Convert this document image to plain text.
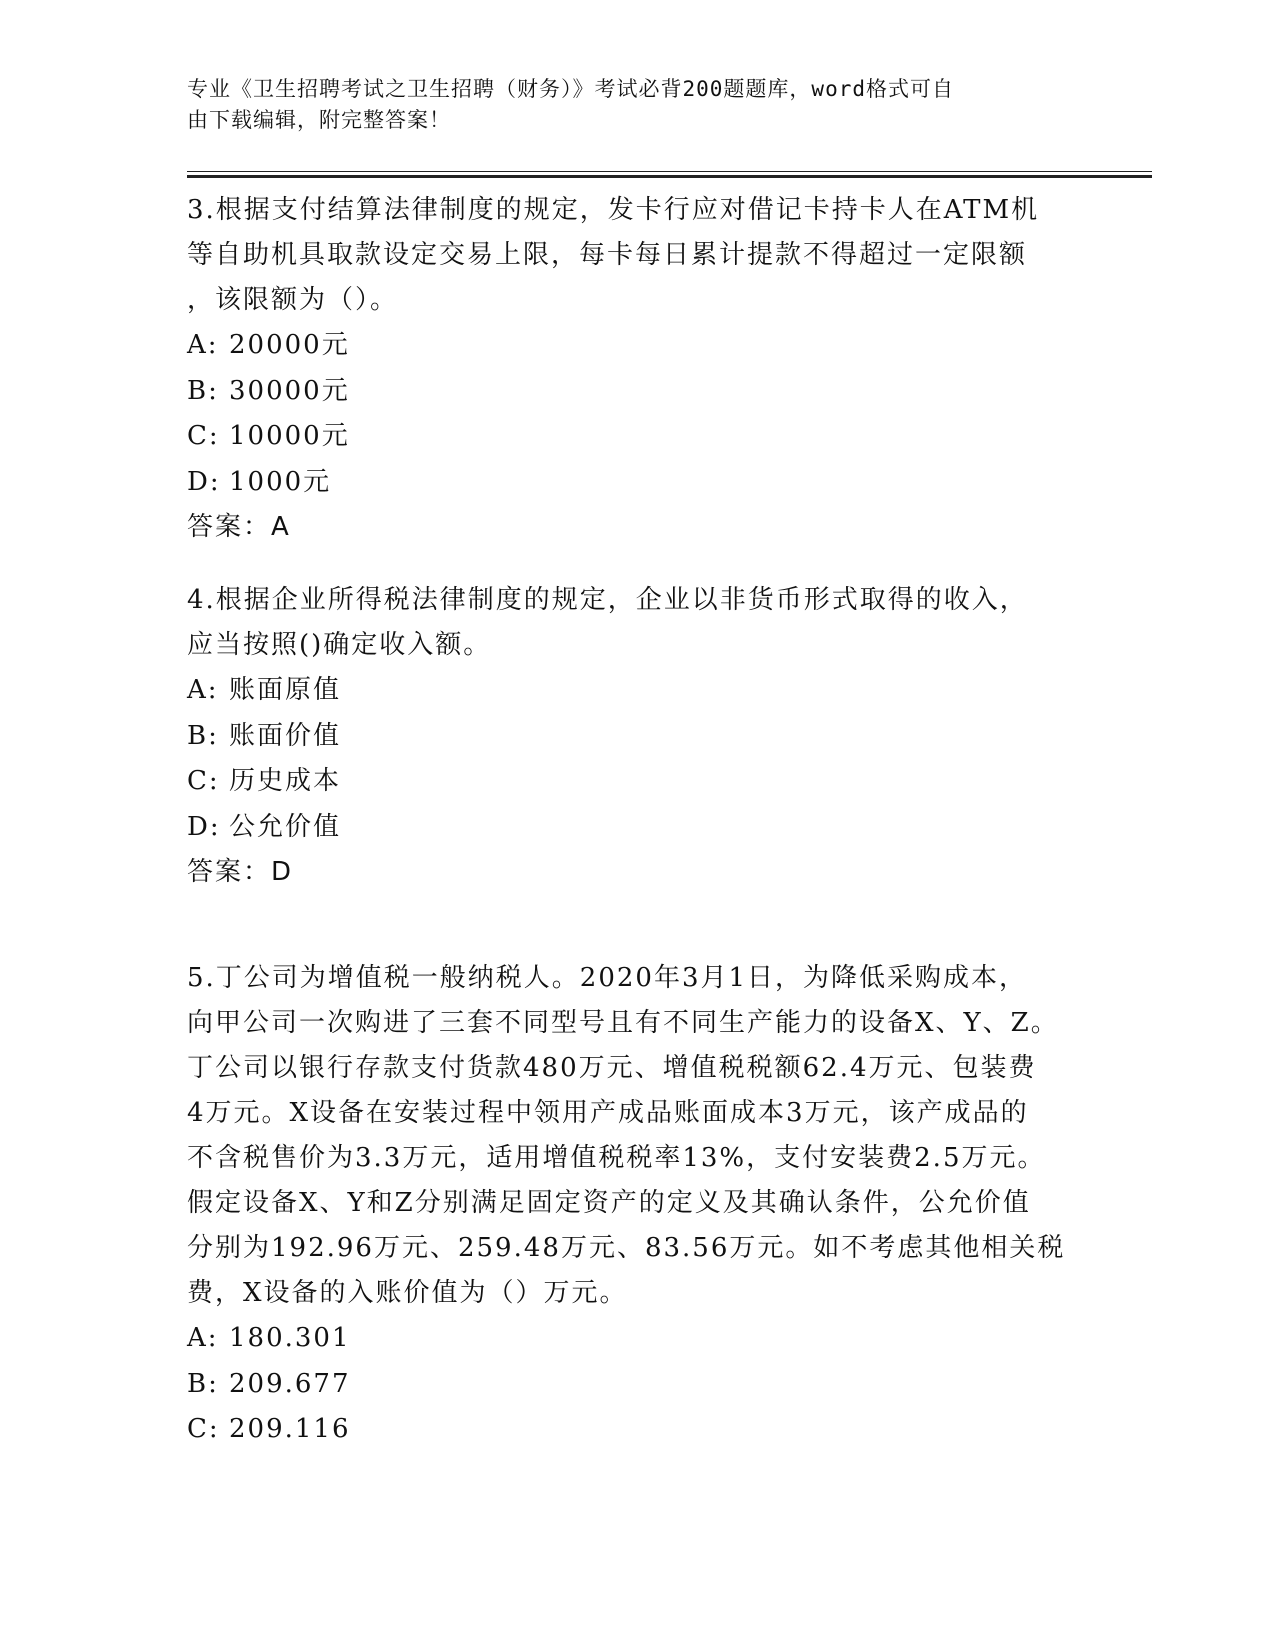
专业《卫生招聘考试之卫生招聘（财务）》考试必背200题题库，word格式可自
由下载编辑，附完整答案！

3.根据支付结算法律制度的规定，发卡行应对借记卡持卡人在ATM机

等自助机具取款设定交易上限，每卡每日累计提款不得超过一定限额

，该限额为（）。

A: 20000元

B: 30000元

C: 10000元

D: 1000元

答案：A

4.根据企业所得税法律制度的规定，企业以非货币形式取得的收入，

应当按照()确定收入额。

A: 账面原值

B: 账面价值

C: 历史成本

D: 公允价值

答案：D

5.丁公司为增值税一般纳税人。2020年3月1日，为降低采购成本，

向甲公司一次购进了三套不同型号且有不同生产能力的设备X、Y、Z。

丁公司以银行存款支付货款480万元、增值税税额62.4万元、包装费

4万元。X设备在安装过程中领用产成品账面成本3万元，该产成品的

不含税售价为3.3万元，适用增值税税率13%，支付安装费2.5万元。

假定设备X、Y和Z分别满足固定资产的定义及其确认条件，公允价值

分别为192.96万元、259.48万元、83.56万元。如不考虑其他相关税

费，X设备的入账价值为（）万元。

A: 180.301

B: 209.677

C: 209.116
